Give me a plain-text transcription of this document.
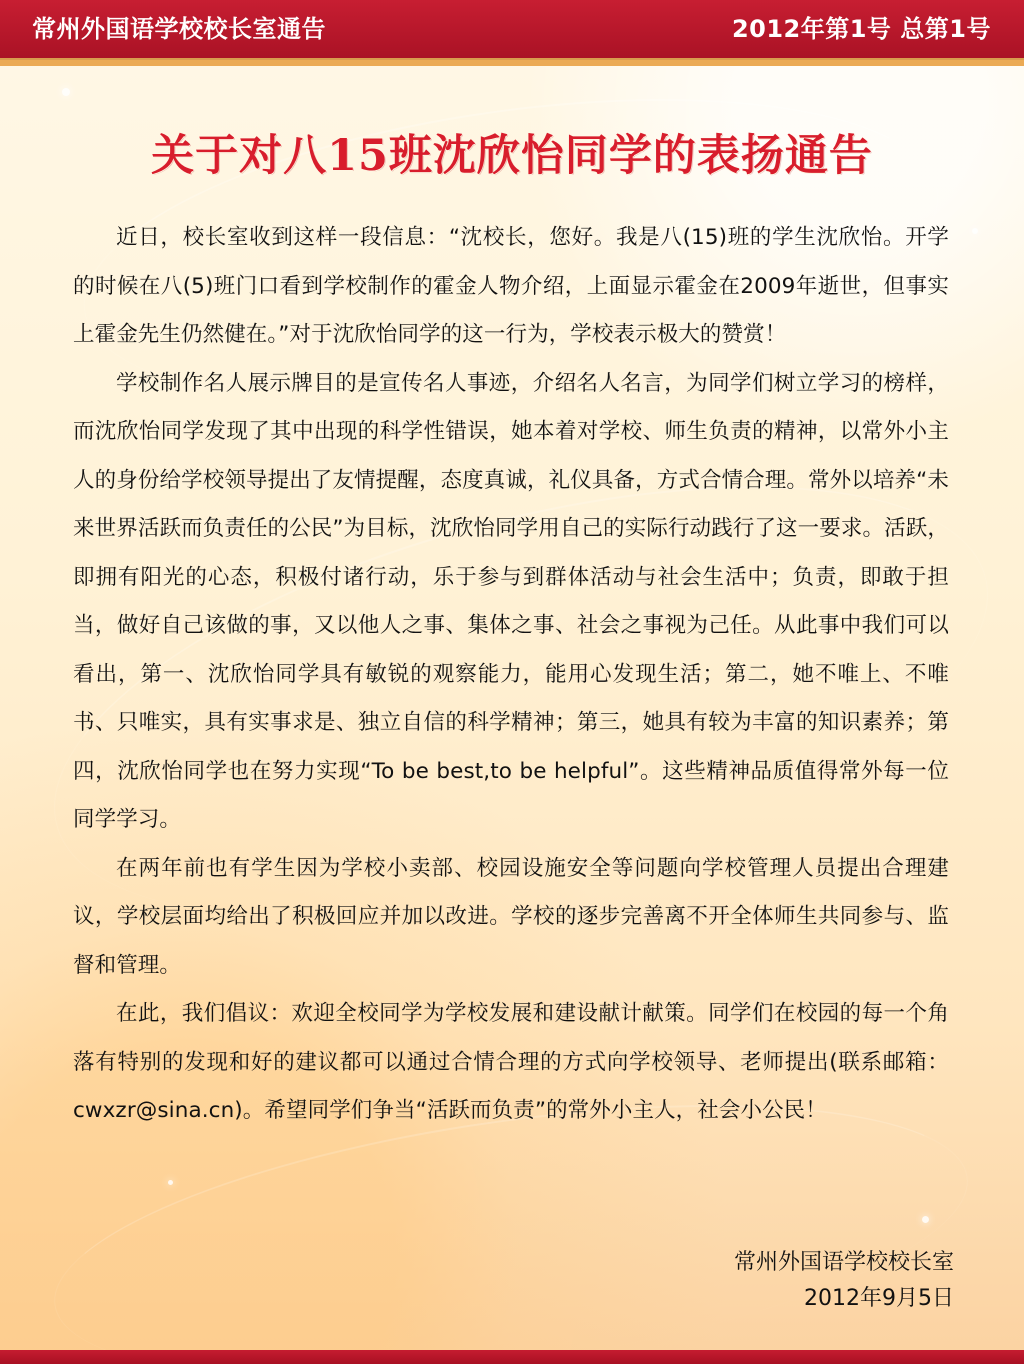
常州外国语学校校长室通告	2012年第1号 总第1号
关于对八15班沈欣怡同学的表扬通告

近日，校长室收到这样一段信息：“沈校长，您好。我是八(15)班的学生沈欣怡。开学的时候在八(5)班门口看到学校制作的霍金人物介绍，上面显示霍金在2009年逝世，但事实上霍金先生仍然健在。”对于沈欣怡同学的这一行为，学校表示极大的赞赏！

学校制作名人展示牌目的是宣传名人事迹，介绍名人名言，为同学们树立学习的榜样，而沈欣怡同学发现了其中出现的科学性错误，她本着对学校、师生负责的精神，以常外小主人的身份给学校领导提出了友情提醒，态度真诚，礼仪具备，方式合情合理。常外以培养“未来世界活跃而负责任的公民”为目标，沈欣怡同学用自己的实际行动践行了这一要求。活跃，即拥有阳光的心态，积极付诸行动，乐于参与到群体活动与社会生活中；负责，即敢于担当，做好自己该做的事，又以他人之事、集体之事、社会之事视为己任。从此事中我们可以看出，第一、沈欣怡同学具有敏锐的观察能力，能用心发现生活；第二，她不唯上、不唯书、只唯实，具有实事求是、独立自信的科学精神；第三，她具有较为丰富的知识素养；第四，沈欣怡同学也在努力实现“To be best,to be helpful”。这些精神品质值得常外每一位同学学习。

在两年前也有学生因为学校小卖部、校园设施安全等问题向学校管理人员提出合理建议，学校层面均给出了积极回应并加以改进。学校的逐步完善离不开全体师生共同参与、监督和管理。

在此，我们倡议：欢迎全校同学为学校发展和建设献计献策。同学们在校园的每一个角落有特别的发现和好的建议都可以通过合情合理的方式向学校领导、老师提出(联系邮箱：cwxzr@sina.cn)。希望同学们争当“活跃而负责”的常外小主人，社会小公民！

常州外国语学校校长室
2012年9月5日
